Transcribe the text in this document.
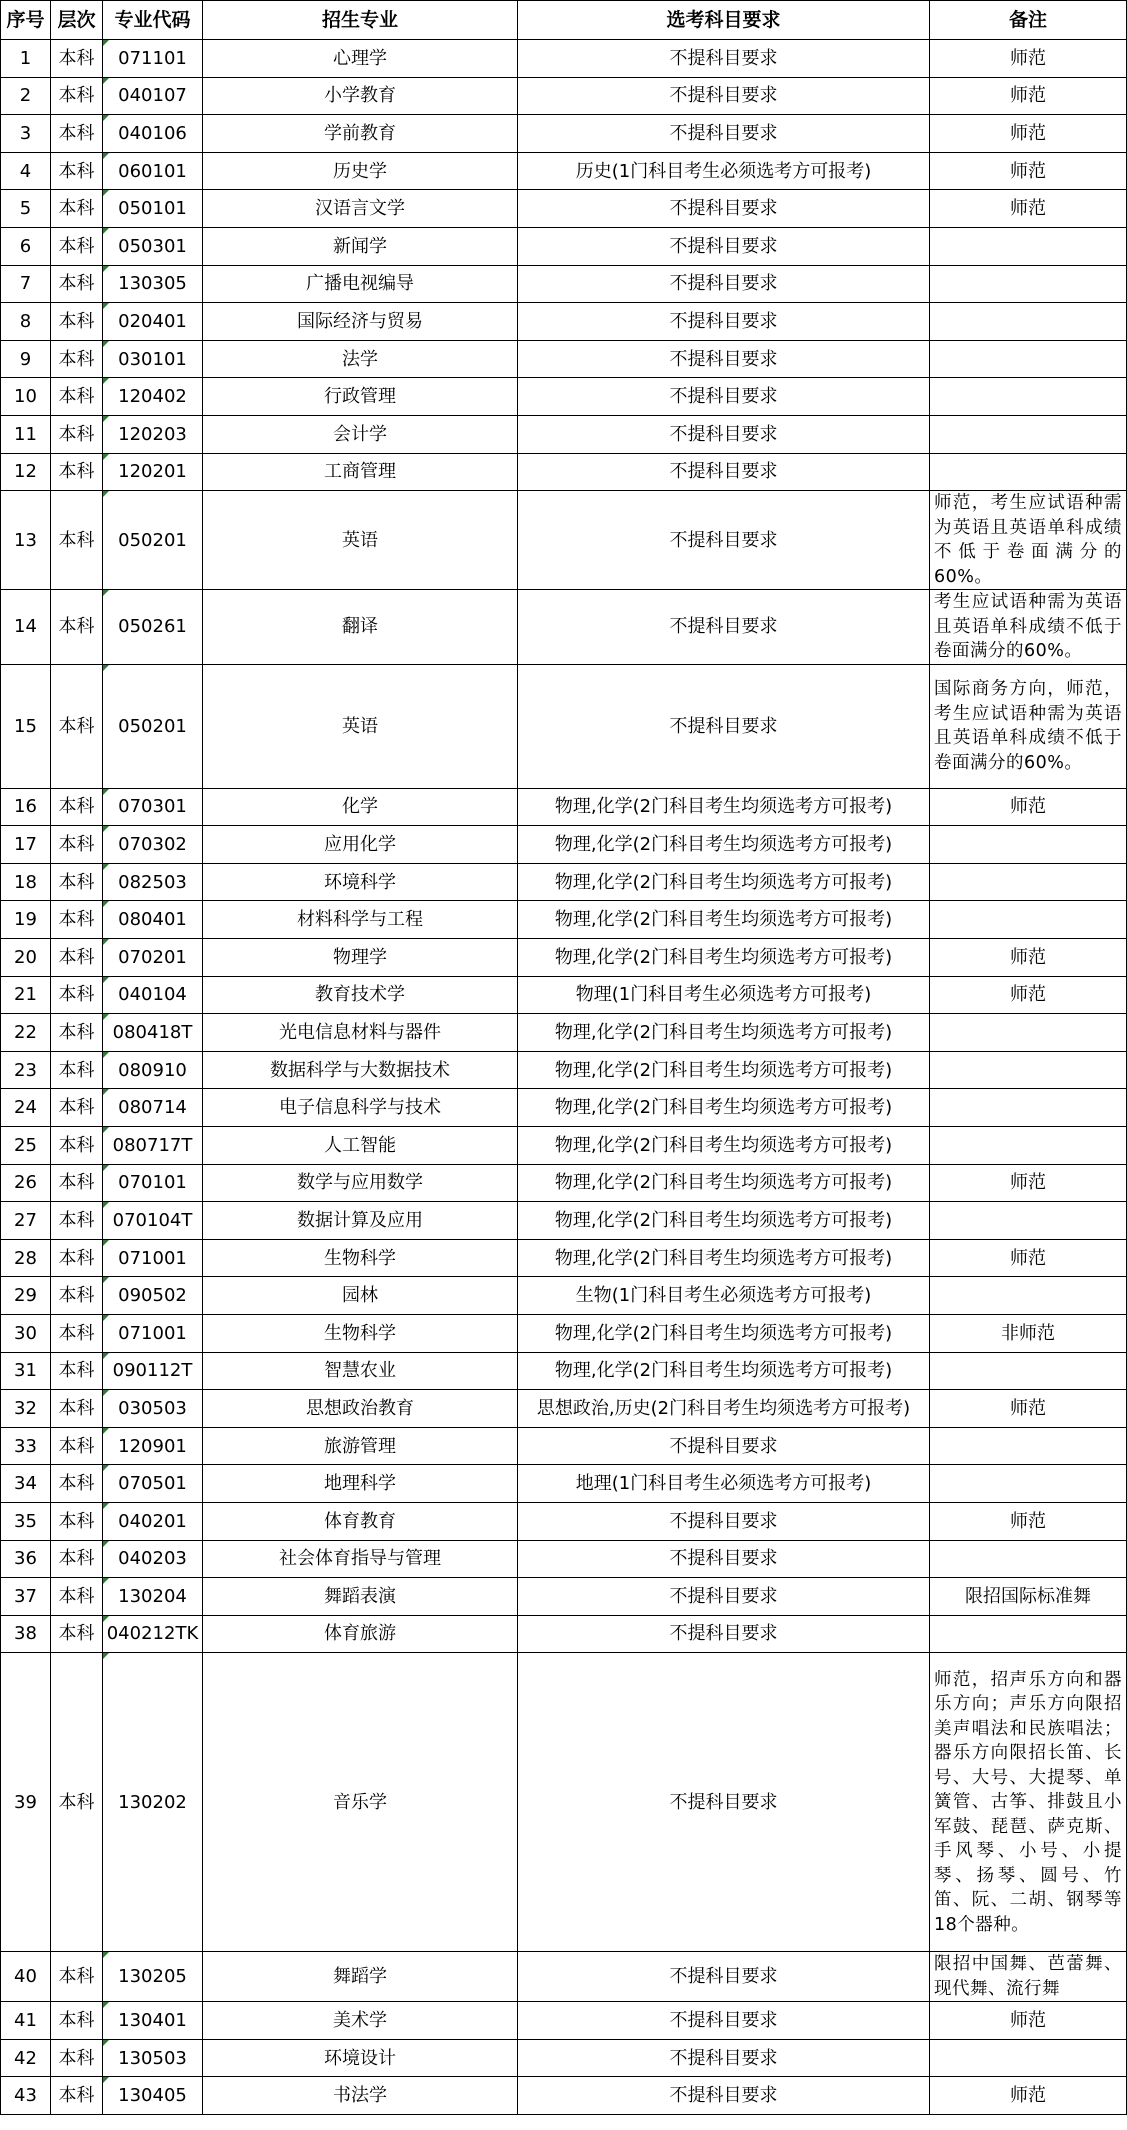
序号	层次	专业代码	招生专业	选考科目要求	备注
1	本科	071101	心理学	不提科目要求	师范
2	本科	040107	小学教育	不提科目要求	师范
3	本科	040106	学前教育	不提科目要求	师范
4	本科	060101	历史学	历史(1门科目考生必须选考方可报考)	师范
5	本科	050101	汉语言文学	不提科目要求	师范
6	本科	050301	新闻学	不提科目要求	
7	本科	130305	广播电视编导	不提科目要求	
8	本科	020401	国际经济与贸易	不提科目要求	
9	本科	030101	法学	不提科目要求	
10	本科	120402	行政管理	不提科目要求	
11	本科	120203	会计学	不提科目要求	
12	本科	120201	工商管理	不提科目要求	
13	本科	050201	英语	不提科目要求	师范，考生应试语种需为英语且英语单科成绩不低于卷面满分的60%。
14	本科	050261	翻译	不提科目要求	考生应试语种需为英语且英语单科成绩不低于卷面满分的60%。
15	本科	050201	英语	不提科目要求	国际商务方向，师范，考生应试语种需为英语且英语单科成绩不低于卷面满分的60%。
16	本科	070301	化学	物理,化学(2门科目考生均须选考方可报考)	师范
17	本科	070302	应用化学	物理,化学(2门科目考生均须选考方可报考)	
18	本科	082503	环境科学	物理,化学(2门科目考生均须选考方可报考)	
19	本科	080401	材料科学与工程	物理,化学(2门科目考生均须选考方可报考)	
20	本科	070201	物理学	物理,化学(2门科目考生均须选考方可报考)	师范
21	本科	040104	教育技术学	物理(1门科目考生必须选考方可报考)	师范
22	本科	080418T	光电信息材料与器件	物理,化学(2门科目考生均须选考方可报考)	
23	本科	080910	数据科学与大数据技术	物理,化学(2门科目考生均须选考方可报考)	
24	本科	080714	电子信息科学与技术	物理,化学(2门科目考生均须选考方可报考)	
25	本科	080717T	人工智能	物理,化学(2门科目考生均须选考方可报考)	
26	本科	070101	数学与应用数学	物理,化学(2门科目考生均须选考方可报考)	师范
27	本科	070104T	数据计算及应用	物理,化学(2门科目考生均须选考方可报考)	
28	本科	071001	生物科学	物理,化学(2门科目考生均须选考方可报考)	师范
29	本科	090502	园林	生物(1门科目考生必须选考方可报考)	
30	本科	071001	生物科学	物理,化学(2门科目考生均须选考方可报考)	非师范
31	本科	090112T	智慧农业	物理,化学(2门科目考生均须选考方可报考)	
32	本科	030503	思想政治教育	思想政治,历史(2门科目考生均须选考方可报考)	师范
33	本科	120901	旅游管理	不提科目要求	
34	本科	070501	地理科学	地理(1门科目考生必须选考方可报考)	
35	本科	040201	体育教育	不提科目要求	师范
36	本科	040203	社会体育指导与管理	不提科目要求	
37	本科	130204	舞蹈表演	不提科目要求	限招国际标准舞
38	本科	040212TK	体育旅游	不提科目要求	
39	本科	130202	音乐学	不提科目要求	师范，招声乐方向和器乐方向；声乐方向限招美声唱法和民族唱法；器乐方向限招长笛、长号、大号、大提琴、单簧管、古筝、排鼓且小军鼓、琵琶、萨克斯、手风琴、小号、小提琴、扬琴、圆号、竹笛、阮、二胡、钢琴等18个器种。
40	本科	130205	舞蹈学	不提科目要求	限招中国舞、芭蕾舞、现代舞、流行舞
41	本科	130401	美术学	不提科目要求	师范
42	本科	130503	环境设计	不提科目要求	
43	本科	130405	书法学	不提科目要求	师范
